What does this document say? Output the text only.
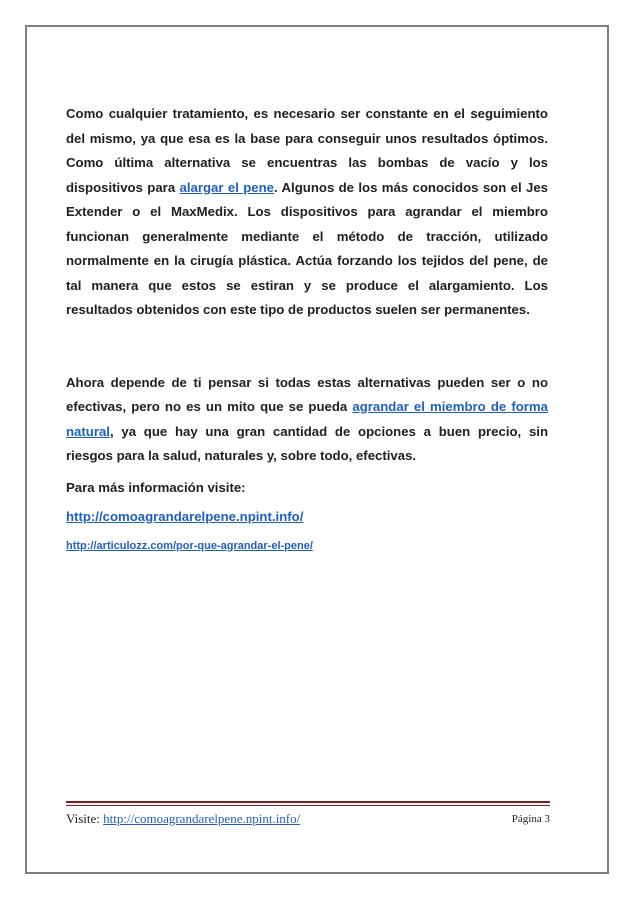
Como cualquier tratamiento, es necesario ser constante en el seguimiento del mismo, ya que esa es la base para conseguir unos resultados óptimos. Como última alternativa se encuentras las bombas de vacío y los dispositivos para alargar el pene. Algunos de los más conocidos son el Jes Extender o el MaxMedix. Los dispositivos para agrandar el miembro funcionan generalmente mediante el método de tracción, utilizado normalmente en la cirugía plástica. Actúa forzando los tejidos del pene, de tal manera que estos se estiran y se produce el alargamiento. Los resultados obtenidos con este tipo de productos suelen ser permanentes.

Ahora depende de ti pensar si todas estas alternativas pueden ser o no efectivas, pero no es un mito que se pueda agrandar el miembro de forma natural, ya que hay una gran cantidad de opciones a buen precio, sin riesgos para la salud, naturales y, sobre todo, efectivas.

Para más información visite:

http://comoagrandarelpene.npint.info/
http://articulozz.com/por-que-agrandar-el-pene/
Visite: http://comoagrandarelpene.npint.info/	Página 3
